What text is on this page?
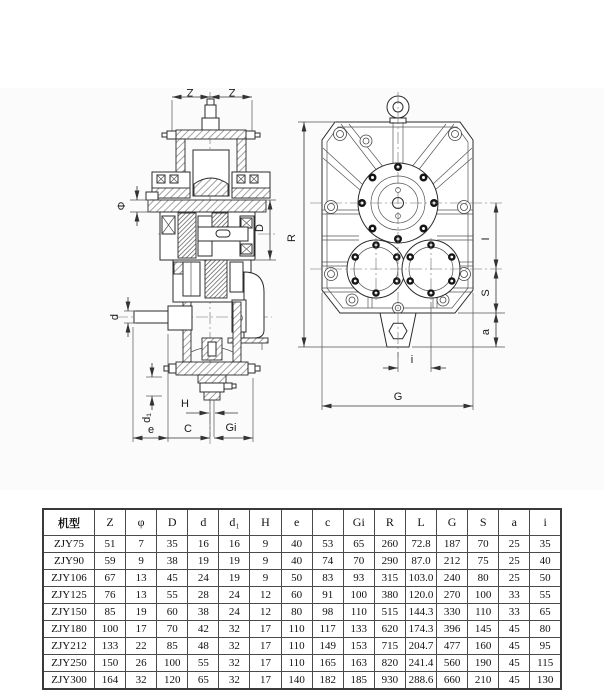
Z	Z
Φ
D
d
d₁
H
e	C	Gi
R	I
S
a
i
G
机型	Z	φ	D	d	d₁	H	e	c	Gi	R	L	G	S	a	i
ZJY75	51	7	35	16	16	9	40	53	65	260	72.8	187	70	25	35
ZJY90	59	9	38	19	19	9	40	74	70	290	87.0	212	75	25	40
ZJY106	67	13	45	24	19	9	50	83	93	315	103.0	240	80	25	50
ZJY125	76	13	55	28	24	12	60	91	100	380	120.0	270	100	33	55
ZJY150	85	19	60	38	24	12	80	98	110	515	144.3	330	110	33	65
ZJY180	100	17	70	42	32	17	110	117	133	620	174.3	396	145	45	80
ZJY212	133	22	85	48	32	17	110	149	153	715	204.7	477	160	45	95
ZJY250	150	26	100	55	32	17	110	165	163	820	241.4	560	190	45	115
ZJY300	164	32	120	65	32	17	140	182	185	930	288.6	660	210	45	130
